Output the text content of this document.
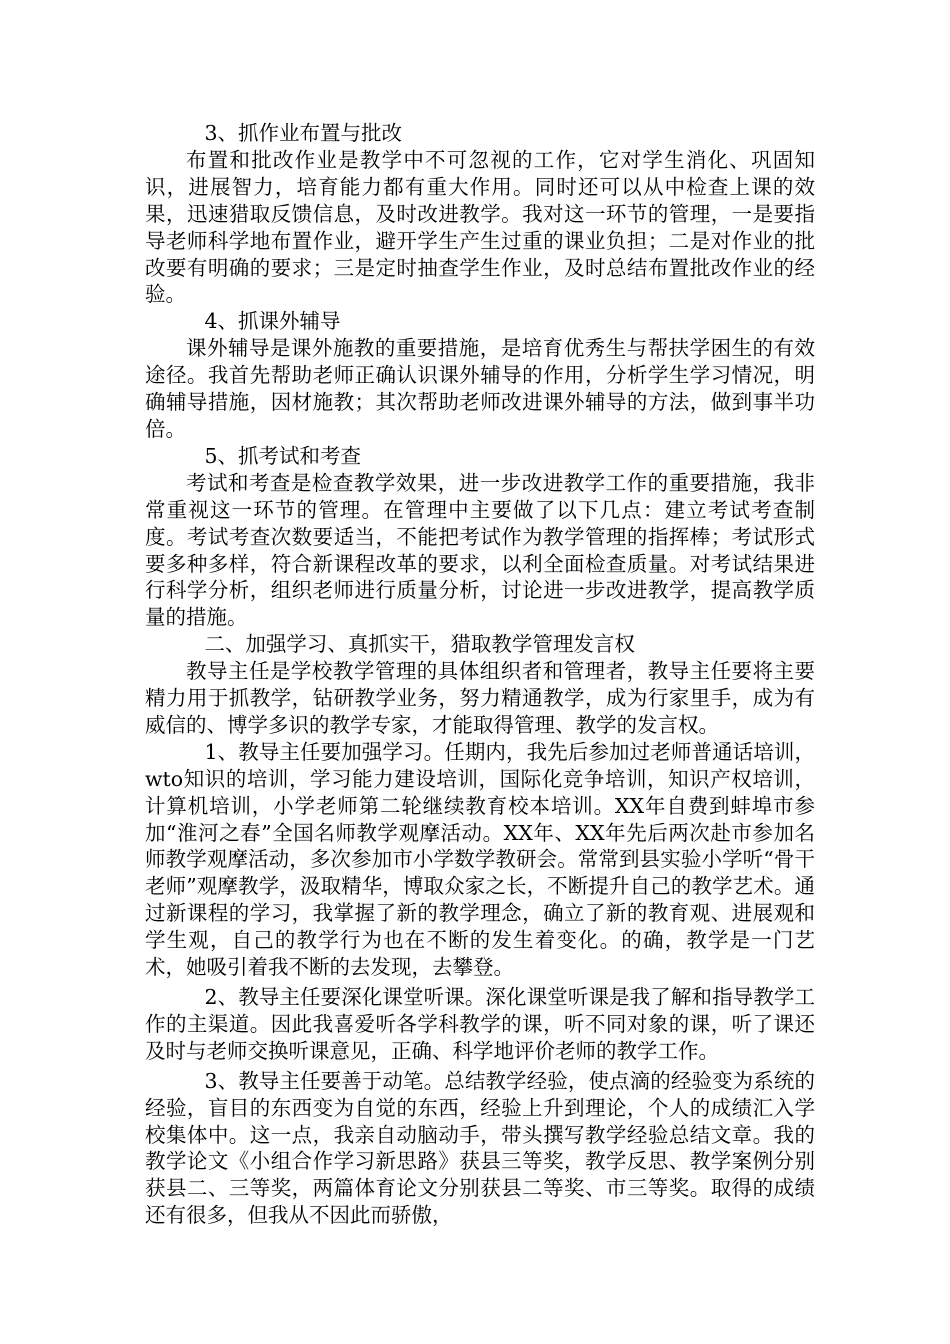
3、抓作业布置与批改

布置和批改作业是教学中不可忽视的工作，它对学生消化、巩固知识，进展智力，培育能力都有重大作用。同时还可以从中检查上课的效果，迅速猎取反馈信息，及时改进教学。我对这一环节的管理，一是要指导老师科学地布置作业，避开学生产生过重的课业负担；二是对作业的批改要有明确的要求；三是定时抽查学生作业，及时总结布置批改作业的经验。

4、抓课外辅导

课外辅导是课外施教的重要措施，是培育优秀生与帮扶学困生的有效途径。我首先帮助老师正确认识课外辅导的作用，分析学生学习情况，明确辅导措施，因材施教；其次帮助老师改进课外辅导的方法，做到事半功倍。

5、抓考试和考查

考试和考查是检查教学效果，进一步改进教学工作的重要措施，我非常重视这一环节的管理。在管理中主要做了以下几点：建立考试考查制度。考试考查次数要适当，不能把考试作为教学管理的指挥棒；考试形式要多种多样，符合新课程改革的要求，以利全面检查质量。对考试结果进行科学分析，组织老师进行质量分析，讨论进一步改进教学，提高教学质量的措施。

二、加强学习、真抓实干，猎取教学管理发言权

教导主任是学校教学管理的具体组织者和管理者，教导主任要将主要精力用于抓教学，钻研教学业务，努力精通教学，成为行家里手，成为有威信的、博学多识的教学专家，才能取得管理、教学的发言权。

1、教导主任要加强学习。任期内，我先后参加过老师普通话培训，wto知识的培训，学习能力建设培训，国际化竞争培训，知识产权培训，计算机培训，小学老师第二轮继续教育校本培训。XX年自费到蚌埠市参加“淮河之春”全国名师教学观摩活动。XX年、XX年先后两次赴市参加名师教学观摩活动，多次参加市小学数学教研会。常常到县实验小学听“骨干老师”观摩教学，汲取精华，博取众家之长，不断提升自己的教学艺术。通过新课程的学习，我掌握了新的教学理念，确立了新的教育观、进展观和学生观，自己的教学行为也在不断的发生着变化。的确，教学是一门艺术，她吸引着我不断的去发现，去攀登。

2、教导主任要深化课堂听课。深化课堂听课是我了解和指导教学工作的主渠道。因此我喜爱听各学科教学的课，听不同对象的课，听了课还及时与老师交换听课意见，正确、科学地评价老师的教学工作。

3、教导主任要善于动笔。总结教学经验，使点滴的经验变为系统的经验，盲目的东西变为自觉的东西，经验上升到理论，个人的成绩汇入学校集体中。这一点，我亲自动脑动手，带头撰写教学经验总结文章。我的教学论文《小组合作学习新思路》获县三等奖，教学反思、教学案例分别获县二、三等奖，两篇体育论文分别获县二等奖、市三等奖。取得的成绩还有很多，但我从不因此而骄傲，
